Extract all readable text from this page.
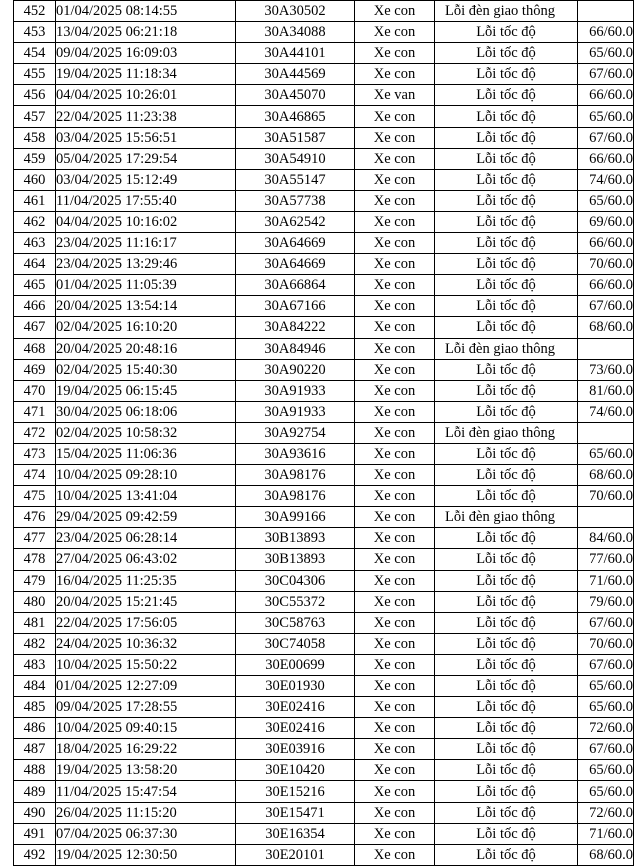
452	01/04/2025 08:14:55	30A30502	Xe con	Lỗi đèn giao thông	
453	13/04/2025 06:21:18	30A34088	Xe con	Lỗi tốc độ	66/60.0
454	09/04/2025 16:09:03	30A44101	Xe con	Lỗi tốc độ	65/60.0
455	19/04/2025 11:18:34	30A44569	Xe con	Lỗi tốc độ	67/60.0
456	04/04/2025 10:26:01	30A45070	Xe van	Lỗi tốc độ	66/60.0
457	22/04/2025 11:23:38	30A46865	Xe con	Lỗi tốc độ	65/60.0
458	03/04/2025 15:56:51	30A51587	Xe con	Lỗi tốc độ	67/60.0
459	05/04/2025 17:29:54	30A54910	Xe con	Lỗi tốc độ	66/60.0
460	03/04/2025 15:12:49	30A55147	Xe con	Lỗi tốc độ	74/60.0
461	11/04/2025 17:55:40	30A57738	Xe con	Lỗi tốc độ	65/60.0
462	04/04/2025 10:16:02	30A62542	Xe con	Lỗi tốc độ	69/60.0
463	23/04/2025 11:16:17	30A64669	Xe con	Lỗi tốc độ	66/60.0
464	23/04/2025 13:29:46	30A64669	Xe con	Lỗi tốc độ	70/60.0
465	01/04/2025 11:05:39	30A66864	Xe con	Lỗi tốc độ	66/60.0
466	20/04/2025 13:54:14	30A67166	Xe con	Lỗi tốc độ	67/60.0
467	02/04/2025 16:10:20	30A84222	Xe con	Lỗi tốc độ	68/60.0
468	20/04/2025 20:48:16	30A84946	Xe con	Lỗi đèn giao thông	
469	02/04/2025 15:40:30	30A90220	Xe con	Lỗi tốc độ	73/60.0
470	19/04/2025 06:15:45	30A91933	Xe con	Lỗi tốc độ	81/60.0
471	30/04/2025 06:18:06	30A91933	Xe con	Lỗi tốc độ	74/60.0
472	02/04/2025 10:58:32	30A92754	Xe con	Lỗi đèn giao thông	
473	15/04/2025 11:06:36	30A93616	Xe con	Lỗi tốc độ	65/60.0
474	10/04/2025 09:28:10	30A98176	Xe con	Lỗi tốc độ	68/60.0
475	10/04/2025 13:41:04	30A98176	Xe con	Lỗi tốc độ	70/60.0
476	29/04/2025 09:42:59	30A99166	Xe con	Lỗi đèn giao thông	
477	23/04/2025 06:28:14	30B13893	Xe con	Lỗi tốc độ	84/60.0
478	27/04/2025 06:43:02	30B13893	Xe con	Lỗi tốc độ	77/60.0
479	16/04/2025 11:25:35	30C04306	Xe con	Lỗi tốc độ	71/60.0
480	20/04/2025 15:21:45	30C55372	Xe con	Lỗi tốc độ	79/60.0
481	22/04/2025 17:56:05	30C58763	Xe con	Lỗi tốc độ	67/60.0
482	24/04/2025 10:36:32	30C74058	Xe con	Lỗi tốc độ	70/60.0
483	10/04/2025 15:50:22	30E00699	Xe con	Lỗi tốc độ	67/60.0
484	01/04/2025 12:27:09	30E01930	Xe con	Lỗi tốc độ	65/60.0
485	09/04/2025 17:28:55	30E02416	Xe con	Lỗi tốc độ	65/60.0
486	10/04/2025 09:40:15	30E02416	Xe con	Lỗi tốc độ	72/60.0
487	18/04/2025 16:29:22	30E03916	Xe con	Lỗi tốc độ	67/60.0
488	19/04/2025 13:58:20	30E10420	Xe con	Lỗi tốc độ	65/60.0
489	11/04/2025 15:47:54	30E15216	Xe con	Lỗi tốc độ	65/60.0
490	26/04/2025 11:15:20	30E15471	Xe con	Lỗi tốc độ	72/60.0
491	07/04/2025 06:37:30	30E16354	Xe con	Lỗi tốc độ	71/60.0
492	19/04/2025 12:30:50	30E20101	Xe con	Lỗi tốc độ	68/60.0
